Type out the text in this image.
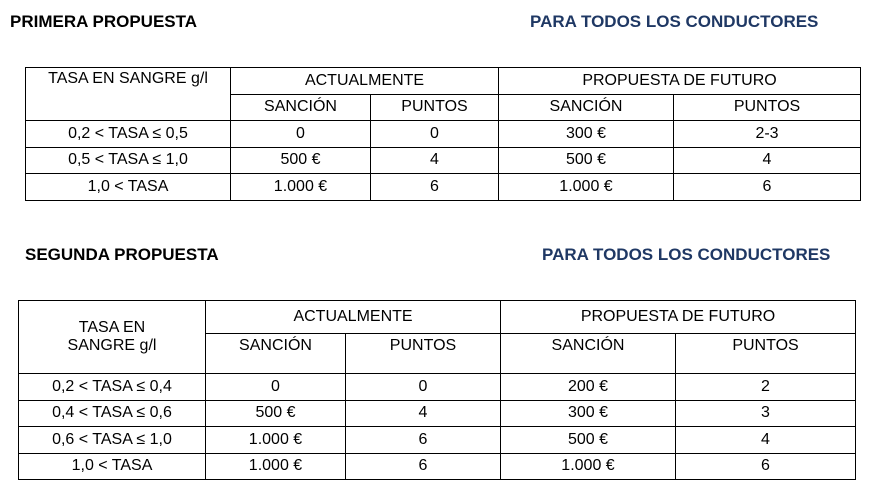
PRIMERA PROPUESTA	PARA TODOS LOS CONDUCTORES
TASA EN SANGRE g/l	ACTUALMENTE		PROPUESTA DE FUTURO	
	SANCIÓN	PUNTOS	SANCIÓN	PUNTOS
0,2 < TASA ≤ 0,5	0	0	300 €	2-3
0,5 < TASA ≤ 1,0	500 €	4	500 €	4
1,0 < TASA	1.000 €	6	1.000 €	6
SEGUNDA PROPUESTA	PARA TODOS LOS CONDUCTORES
TASA EN SANGRE g/l	ACTUALMENTE		PROPUESTA DE FUTURO	
	SANCIÓN	PUNTOS	SANCIÓN	PUNTOS
0,2 < TASA ≤ 0,4	0	0	200 €	2
0,4 < TASA ≤ 0,6	500 €	4	300 €	3
0,6 < TASA ≤ 1,0	1.000 €	6	500 €	4
1,0 < TASA	1.000 €	6	1.000 €	6
